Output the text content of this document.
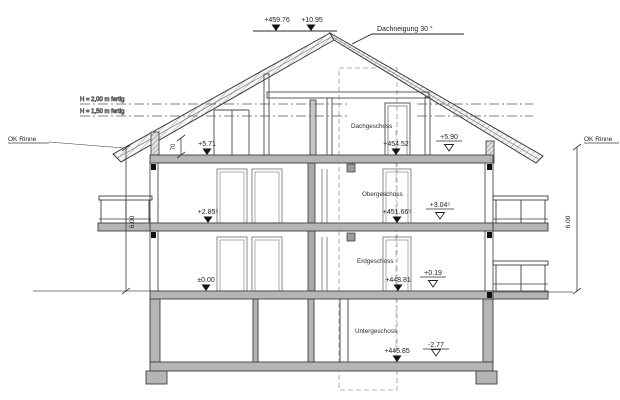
+459.76 +10.95
Dachneigung 30 °
H = 2,00 m fertig
H = 1,50 m fertig
OK Rinne
6.00
OK Rinne
6.00
70
Dachgeschoss
+5.71	+454.52
+5.90
Obergeschoss
+2.85⁵	+451.66⁵
+3.04⁵
Erdgeschoss
±0.00	+448.81
+0.19
Untergeschoss
+445.85
-2.77
